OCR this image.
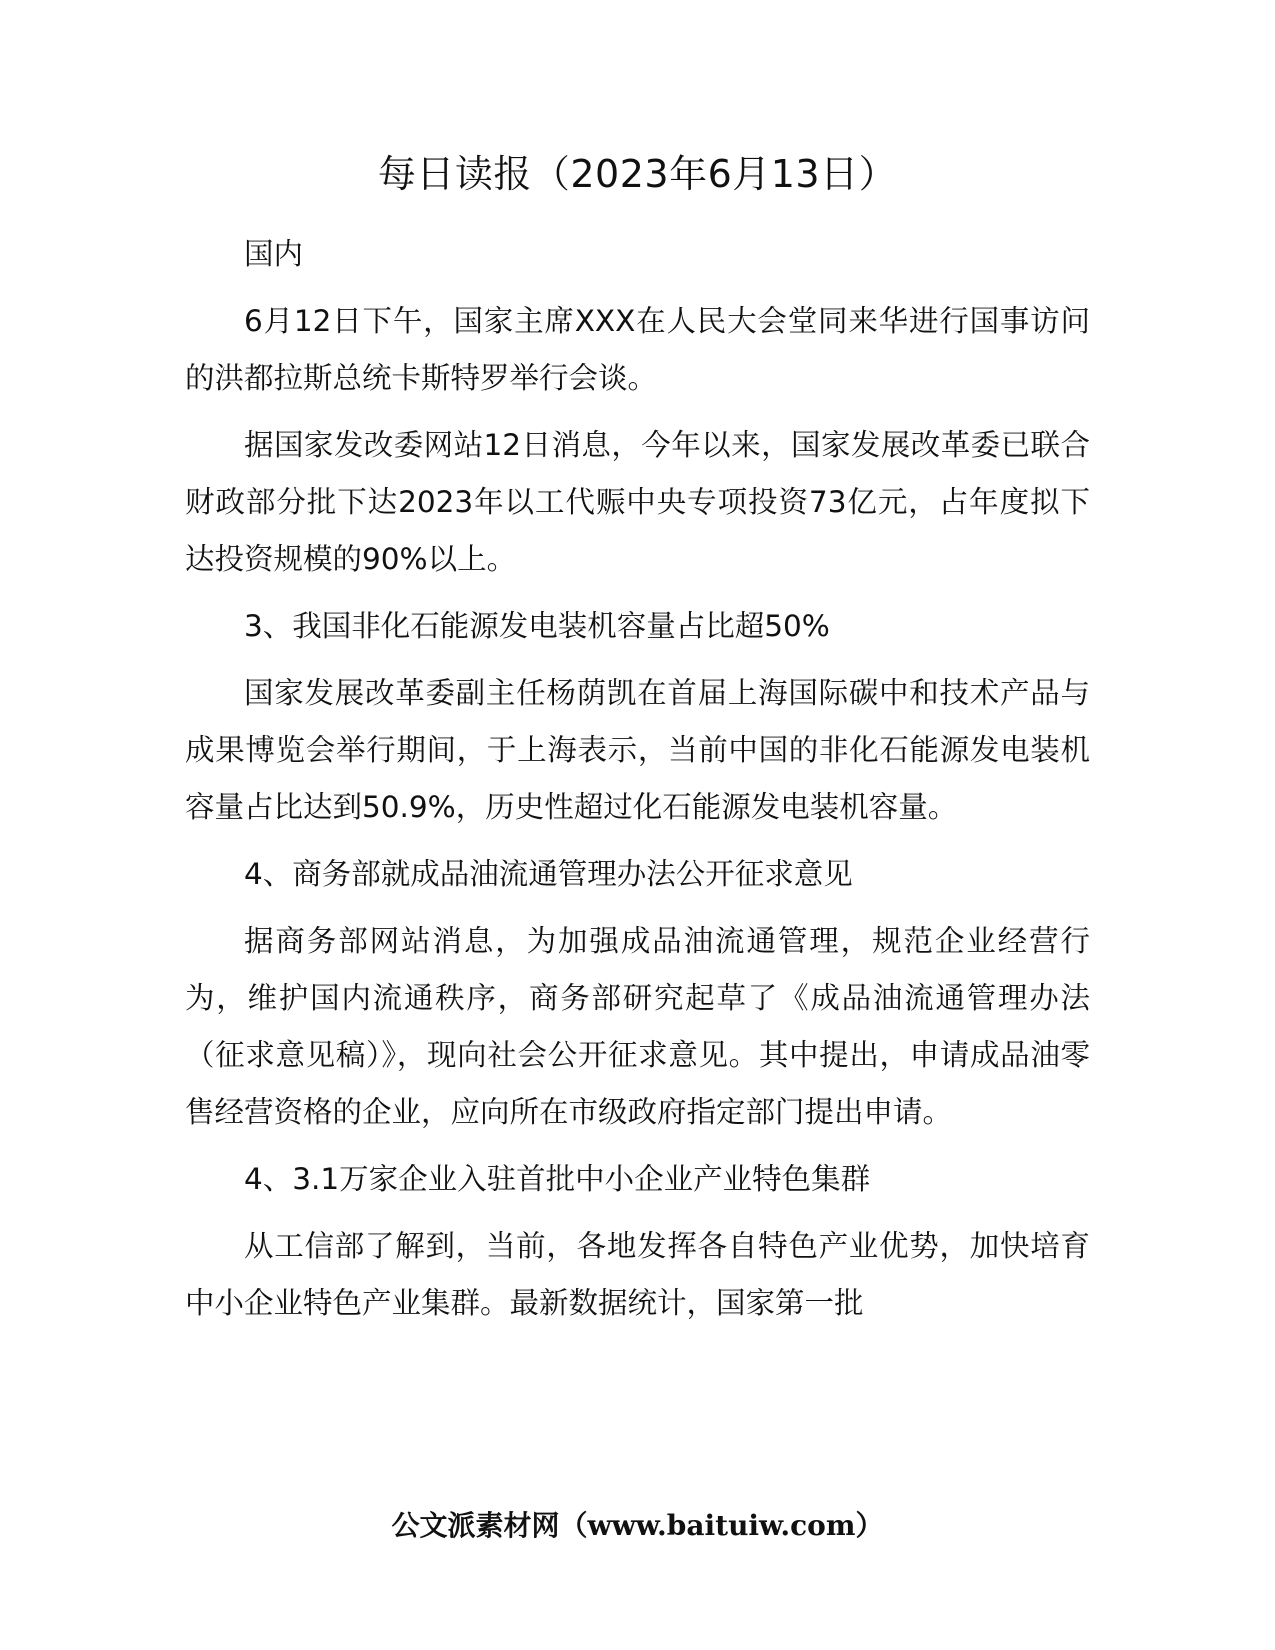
每日读报（2023年6月13日）

国内

6月12日下午，国家主席XXX在人民大会堂同来华进行国事访问的洪都拉斯总统卡斯特罗举行会谈。

据国家发改委网站12日消息，今年以来，国家发展改革委已联合财政部分批下达2023年以工代赈中央专项投资73亿元，占年度拟下达投资规模的90%以上。

3、我国非化石能源发电装机容量占比超50%

国家发展改革委副主任杨荫凯在首届上海国际碳中和技术产品与成果博览会举行期间，于上海表示，当前中国的非化石能源发电装机容量占比达到50.9%，历史性超过化石能源发电装机容量。

4、商务部就成品油流通管理办法公开征求意见

据商务部网站消息，为加强成品油流通管理，规范企业经营行为，维护国内流通秩序，商务部研究起草了《成品油流通管理办法（征求意见稿）》，现向社会公开征求意见。其中提出，申请成品油零售经营资格的企业，应向所在市级政府指定部门提出申请。

4、3.1万家企业入驻首批中小企业产业特色集群

从工信部了解到，当前，各地发挥各自特色产业优势，加快培育中小企业特色产业集群。最新数据统计，国家第一批

公文派素材网（www.baituiw.com）
